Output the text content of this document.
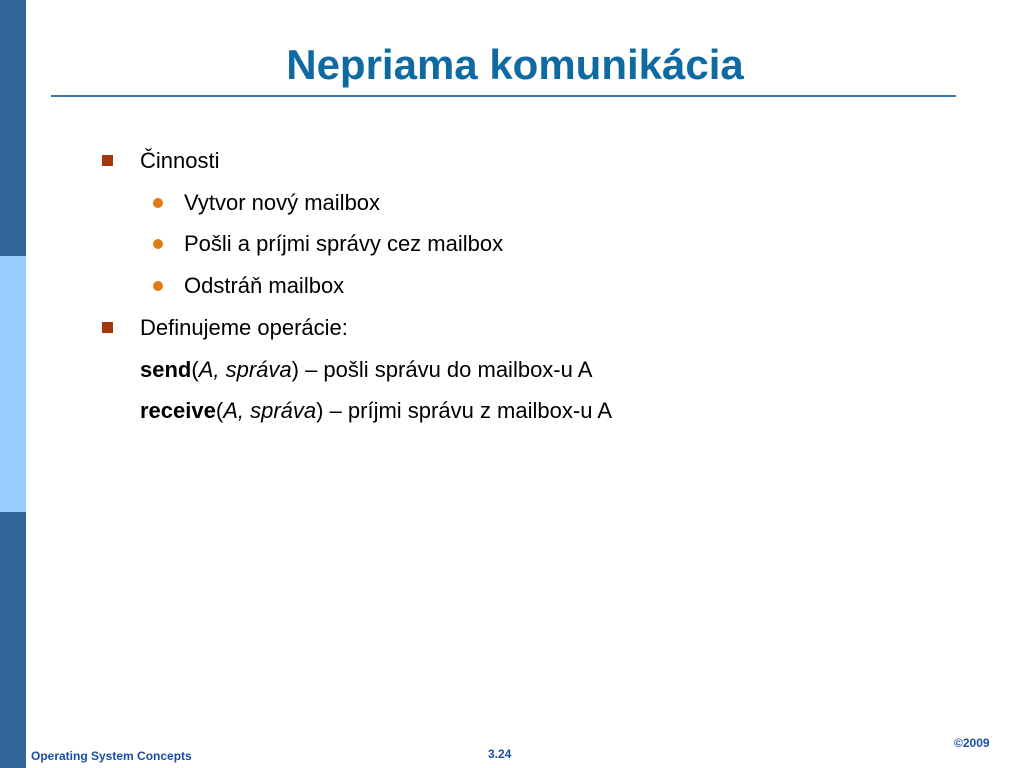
Nepriama komunikácia
Činnosti
Vytvor nový mailbox
Pošli a príjmi správy cez mailbox
Odstráň mailbox
Definujeme operácie:
send(A, správa) – pošli správu do mailbox-u A
receive(A, správa) – príjmi správu z mailbox-u A
Operating System Concepts	3.24
©2009
